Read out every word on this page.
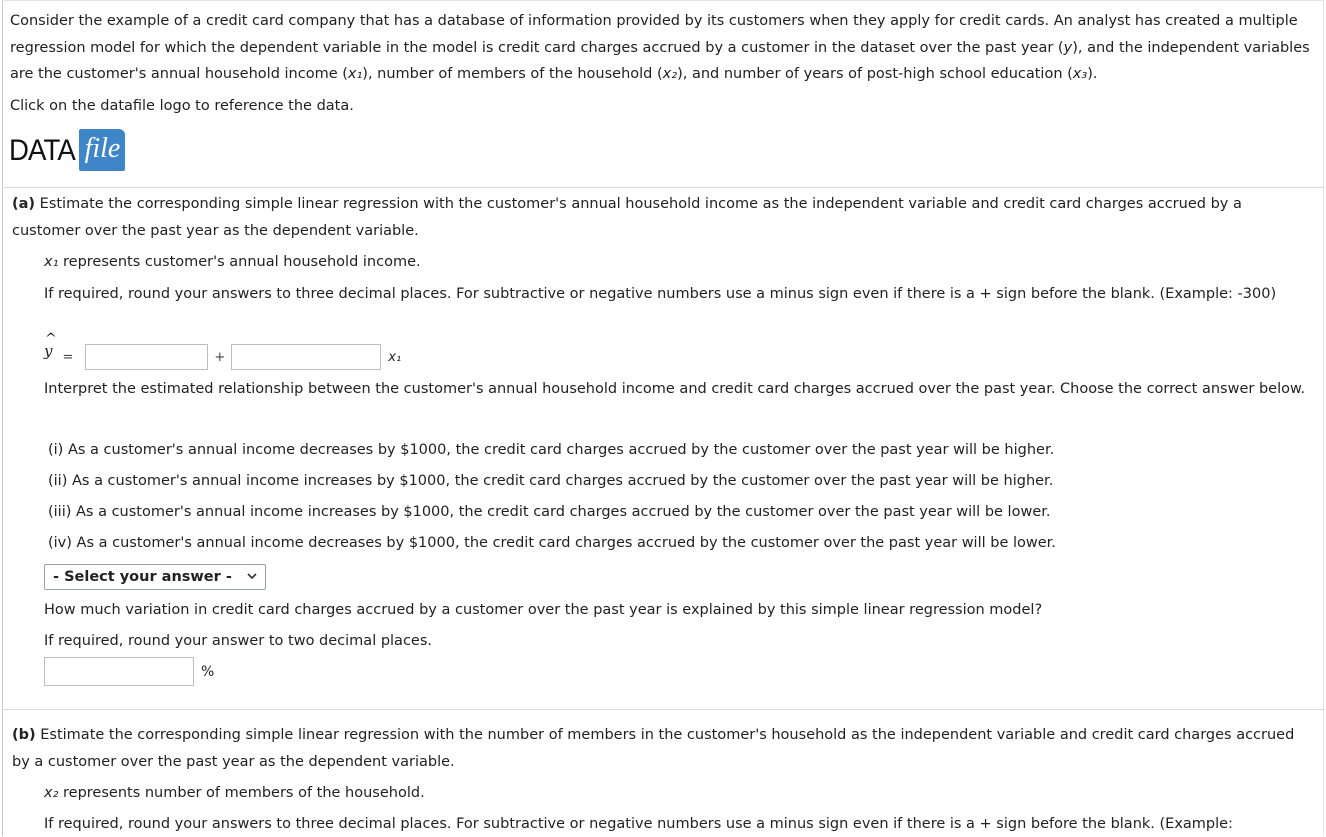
Consider the example of a credit card company that has a database of information provided by its customers when they apply for credit cards. An analyst has created a multiple regression model for which the dependent variable in the model is credit card charges accrued by a customer in the dataset over the past year (y), and the independent variables are the customer's annual household income (x₁), number of members of the household (x₂), and number of years of post-high school education (x₃).

Click on the datafile logo to reference the data.

DATA file

(a) Estimate the corresponding simple linear regression with the customer's annual household income as the independent variable and credit card charges accrued by a customer over the past year as the dependent variable.

x₁ represents customer's annual household income.

If required, round your answers to three decimal places. For subtractive or negative numbers use a minus sign even if there is a + sign before the blank. (Example: -300)

^
y =	+	x₁

Interpret the estimated relationship between the customer's annual household income and credit card charges accrued over the past year. Choose the correct answer below.

(i) As a customer's annual income decreases by $1000, the credit card charges accrued by the customer over the past year will be higher.

(ii) As a customer's annual income increases by $1000, the credit card charges accrued by the customer over the past year will be higher.

(iii) As a customer's annual income increases by $1000, the credit card charges accrued by the customer over the past year will be lower.

(iv) As a customer's annual income decreases by $1000, the credit card charges accrued by the customer over the past year will be lower.

- Select your answer -

How much variation in credit card charges accrued by a customer over the past year is explained by this simple linear regression model?

If required, round your answer to two decimal places.

%

(b) Estimate the corresponding simple linear regression with the number of members in the customer's household as the independent variable and credit card charges accrued by a customer over the past year as the dependent variable.

x₂ represents number of members of the household.

If required, round your answers to three decimal places. For subtractive or negative numbers use a minus sign even if there is a + sign before the blank. (Example:
